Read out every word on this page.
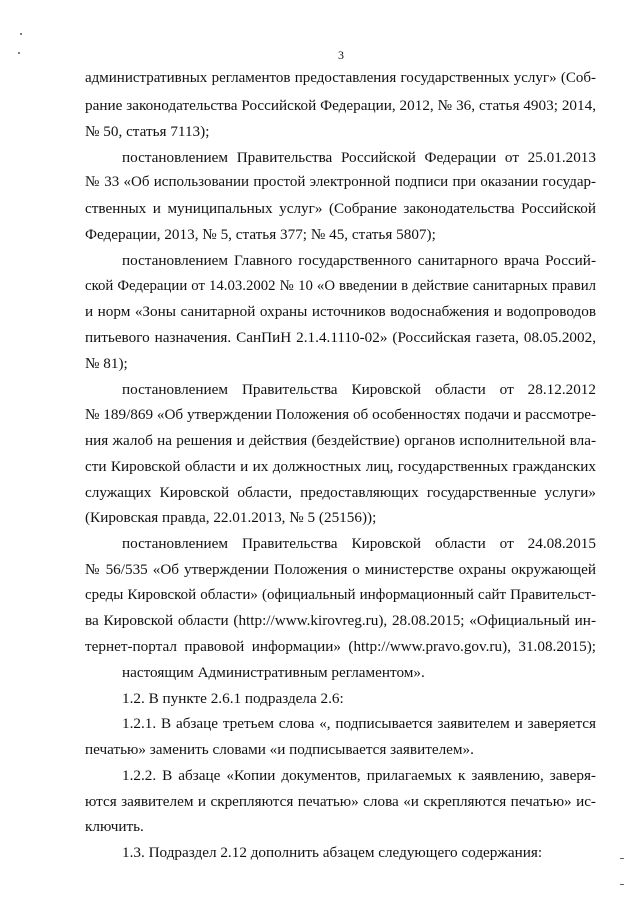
3
административных регламентов предоставления государственных услуг» (Соб-
рание законодательства Российской Федерации, 2012, № 36, статья 4903; 2014,
№ 50, статья 7113);
постановлением Правительства Российской Федерации от 25.01.2013
№ 33 «Об использовании простой электронной подписи при оказании государ-
ственных и муниципальных услуг» (Собрание законодательства Российской
Федерации, 2013, № 5, статья 377; № 45, статья 5807);
постановлением Главного государственного санитарного врача Россий-
ской Федерации от 14.03.2002 № 10 «О введении в действие санитарных правил
и норм «Зоны санитарной охраны источников водоснабжения и водопроводов
питьевого назначения. СанПиН 2.1.4.1110-02» (Российская газета, 08.05.2002,
№ 81);
постановлением Правительства Кировской области от 28.12.2012
№ 189/869 «Об утверждении Положения об особенностях подачи и рассмотре-
ния жалоб на решения и действия (бездействие) органов исполнительной вла-
сти Кировской области и их должностных лиц, государственных гражданских
служащих Кировской области, предоставляющих государственные услуги»
(Кировская правда, 22.01.2013, № 5 (25156));
постановлением Правительства Кировской области от 24.08.2015
№ 56/535 «Об утверждении Положения о министерстве охраны окружающей
среды Кировской области» (официальный информационный сайт Правительст-
ва Кировской области (http://www.kirovreg.ru), 28.08.2015; «Официальный ин-
тернет-портал правовой информации» (http://www.pravo.gov.ru), 31.08.2015);
настоящим Административным регламентом».
1.2. В пункте 2.6.1 подраздела 2.6:
1.2.1. В абзаце третьем слова «, подписывается заявителем и заверяется
печатью» заменить словами «и подписывается заявителем».
1.2.2. В абзаце «Копии документов, прилагаемых к заявлению, заверя-
ются заявителем и скрепляются печатью» слова «и скрепляются печатью» ис-
ключить.
1.3. Подраздел 2.12 дополнить абзацем следующего содержания:
